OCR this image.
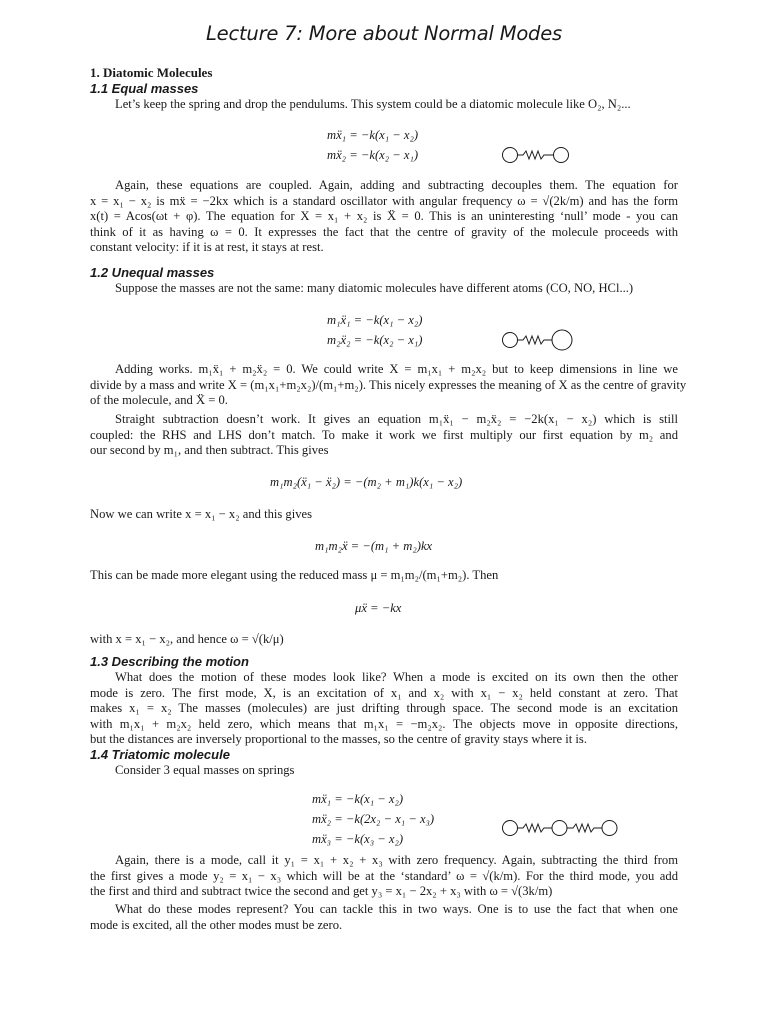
Lecture 7: More about Normal Modes
1. Diatomic Molecules
1.1 Equal masses
Let’s keep the spring and drop the pendulums. This system could be a diatomic molecule like O₂, N₂...
mẍ₁ = −k(x₁ − x₂)
mẍ₂ = −k(x₂ − x₁)
Again, these equations are coupled. Again, adding and subtracting decouples them. The equation for
x = x₁ − x₂ is mẍ = −2kx which is a standard oscillator with angular frequency ω = √(2k/m) and has the form
x(t) = Acos(ωt + φ). The equation for X = x₁ + x₂ is Ẍ = 0. This is an uninteresting ‘null’ mode - you can
think of it as having ω = 0. It expresses the fact that the centre of gravity of the molecule proceeds with
constant velocity: if it is at rest, it stays at rest.
1.2 Unequal masses
Suppose the masses are not the same: many diatomic molecules have different atoms (CO, NO, HCl...)
m₁ẍ₁ = −k(x₁ − x₂)
m₂ẍ₂ = −k(x₂ − x₁)
Adding works. m₁ẍ₁ + m₂ẍ₂ = 0. We could write X = m₁x₁ + m₂x₂ but to keep dimensions in line we
divide by a mass and write X = (m₁x₁+m₂x₂)/(m₁+m₂). This nicely expresses the meaning of X as the centre of gravity
of the molecule, and Ẍ = 0.
Straight subtraction doesn’t work. It gives an equation m₁ẍ₁ − m₂ẍ₂ = −2k(x₁ − x₂) which is still
coupled: the RHS and LHS don’t match. To make it work we first multiply our first equation by m₂ and
our second by m₁, and then subtract. This gives
m₁m₂(ẍ₁ − ẍ₂) = −(m₂ + m₁)k(x₁ − x₂)
Now we can write x = x₁ − x₂ and this gives
m₁m₂ẍ = −(m₁ + m₂)kx
This can be made more elegant using the reduced mass μ = m₁m₂/(m₁+m₂). Then
μẍ = −kx
with x = x₁ − x₂, and hence ω = √(k/μ)
1.3 Describing the motion
What does the motion of these modes look like? When a mode is excited on its own then the other
mode is zero. The first mode, X, is an excitation of x₁ and x₂ with x₁ − x₂ held constant at zero. That
makes x₁ = x₂ The masses (molecules) are just drifting through space. The second mode is an excitation
with m₁x₁ + m₂x₂ held zero, which means that m₁x₁ = −m₂x₂. The objects move in opposite directions,
but the distances are inversely proportional to the masses, so the centre of gravity stays where it is.
1.4 Triatomic molecule
Consider 3 equal masses on springs
mẍ₁ = −k(x₁ − x₂)
mẍ₂ = −k(2x₂ − x₁ − x₃)
mẍ₃ = −k(x₃ − x₂)
Again, there is a mode, call it y₁ = x₁ + x₂ + x₃ with zero frequency. Again, subtracting the third from
the first gives a mode y₂ = x₁ − x₃ which will be at the ‘standard’ ω = √(k/m). For the third mode, you add
the first and third and subtract twice the second and get y₃ = x₁ − 2x₂ + x₃ with ω = √(3k/m)
What do these modes represent? You can tackle this in two ways. One is to use the fact that when one
mode is excited, all the other modes must be zero.
